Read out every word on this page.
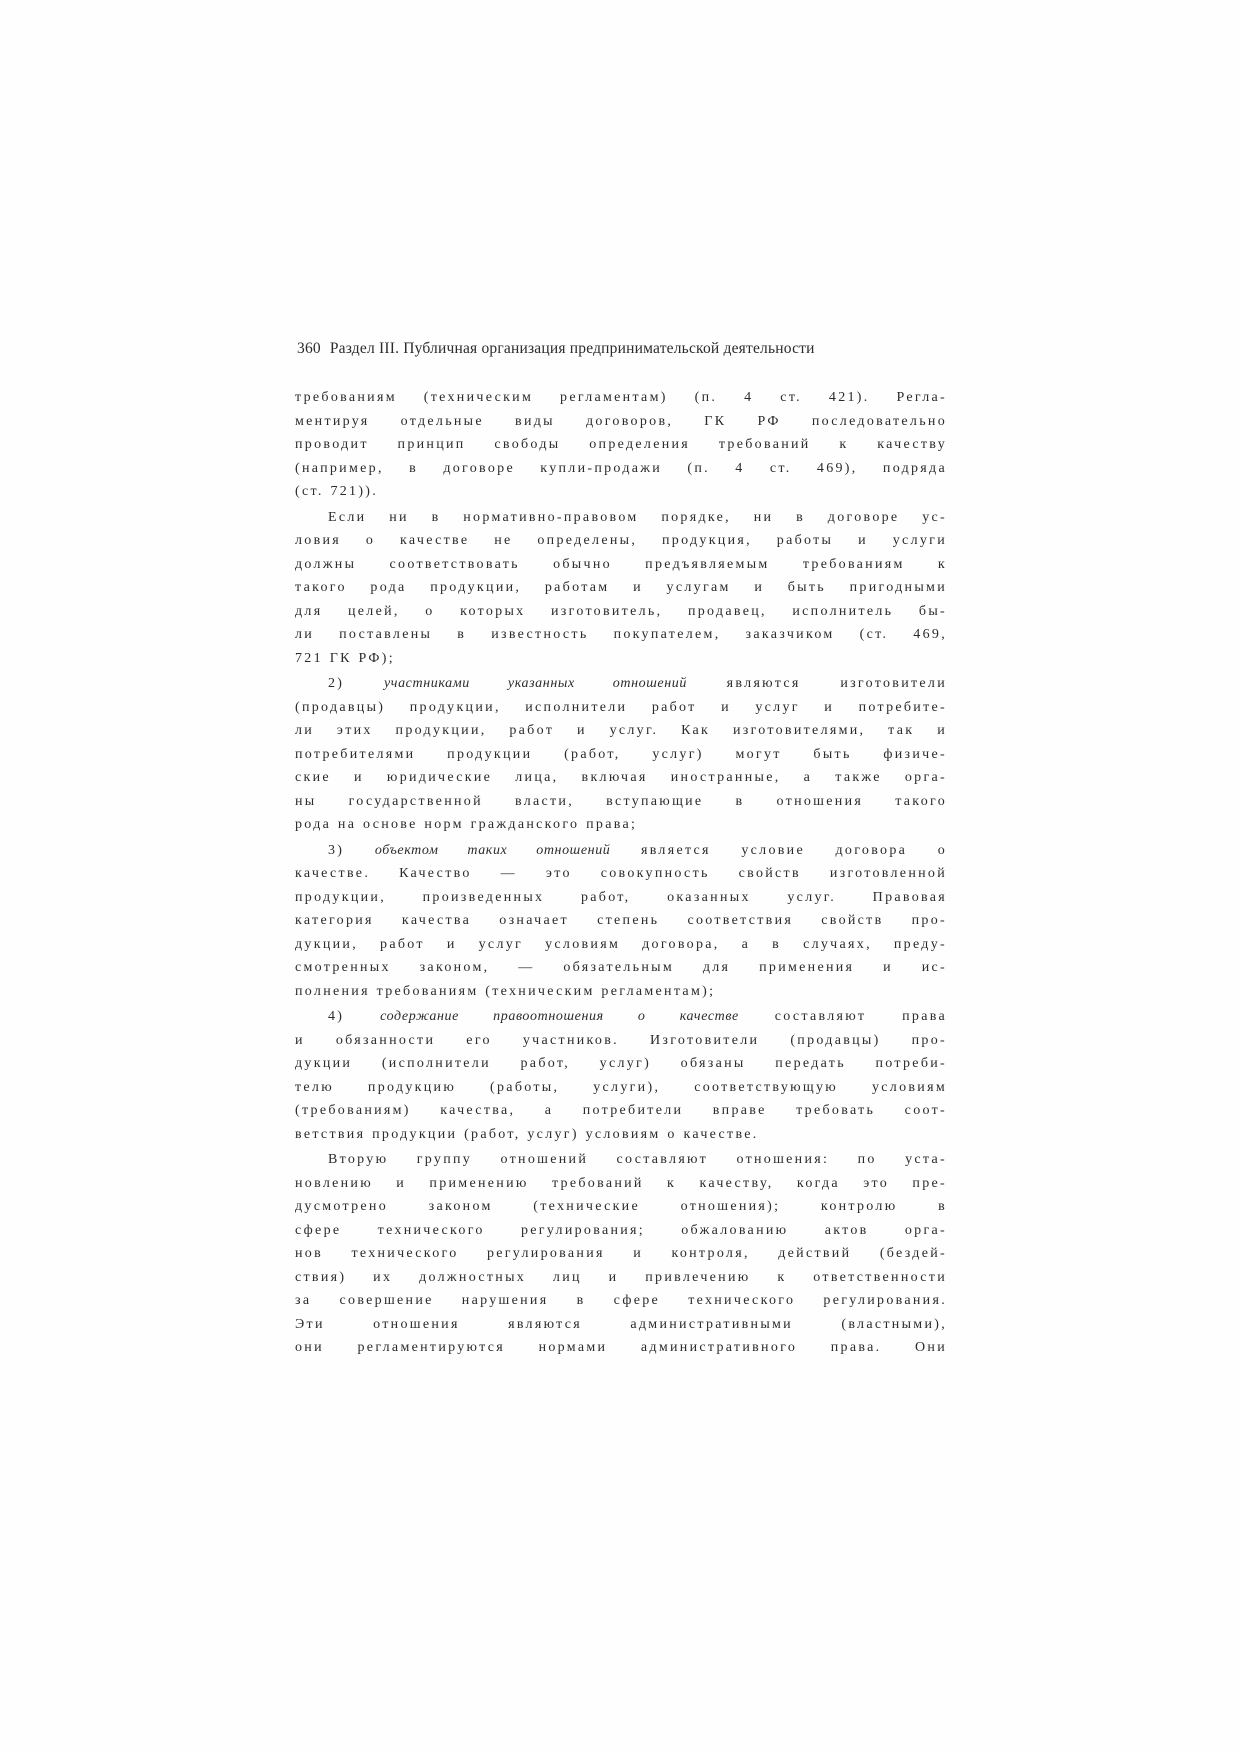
360 Раздел III. Публичная организация предпринимательской деятельности
требованиям (техническим регламентам) (п. 4 ст. 421). Регла-
ментируя отдельные виды договоров, ГК РФ последовательно
проводит принцип свободы определения требований к качеству
(например, в договоре купли-продажи (п. 4 ст. 469), подряда
(ст. 721)).
Если ни в нормативно-правовом порядке, ни в договоре ус-
ловия о качестве не определены, продукция, работы и услуги
должны соответствовать обычно предъявляемым требованиям к
такого рода продукции, работам и услугам и быть пригодными
для целей, о которых изготовитель, продавец, исполнитель бы-
ли поставлены в известность покупателем, заказчиком (ст. 469,
721 ГК РФ);
2) участниками указанных отношений являются изготовители
(продавцы) продукции, исполнители работ и услуг и потребите-
ли этих продукции, работ и услуг. Как изготовителями, так и
потребителями продукции (работ, услуг) могут быть физиче-
ские и юридические лица, включая иностранные, а также орга-
ны государственной власти, вступающие в отношения такого
рода на основе норм гражданского права;
3) объектом таких отношений является условие договора о
качестве. Качество — это совокупность свойств изготовленной
продукции, произведенных работ, оказанных услуг. Правовая
категория качества означает степень соответствия свойств про-
дукции, работ и услуг условиям договора, а в случаях, преду-
смотренных законом, — обязательным для применения и ис-
полнения требованиям (техническим регламентам);
4) содержание правоотношения о качестве составляют права
и обязанности его участников. Изготовители (продавцы) про-
дукции (исполнители работ, услуг) обязаны передать потреби-
телю продукцию (работы, услуги), соответствующую условиям
(требованиям) качества, а потребители вправе требовать соот-
ветствия продукции (работ, услуг) условиям о качестве.
Вторую группу отношений составляют отношения: по уста-
новлению и применению требований к качеству, когда это пре-
дусмотрено законом (технические отношения); контролю в
сфере технического регулирования; обжалованию актов орга-
нов технического регулирования и контроля, действий (бездей-
ствия) их должностных лиц и привлечению к ответственности
за совершение нарушения в сфере технического регулирования.
Эти отношения являются административными (властными),
они регламентируются нормами административного права. Они
